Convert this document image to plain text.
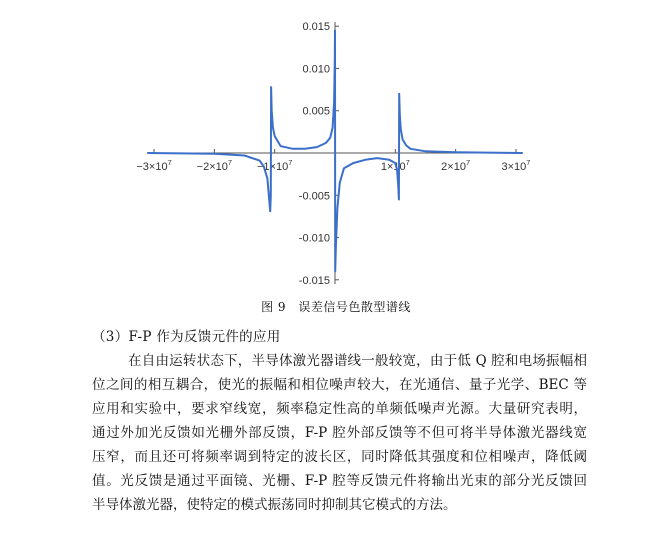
$-3\times 10^7 -2\times 10^7 -1\times 10^7$	$1\times 10^7$	$2\times 10^7$	$3\times 10^7$
0.015
0.010
0.005
-0.005
-0.010
-0.015
图 9 误差信号色散型谱线
（3）F-P 作为反馈元件的应用
在自由运转状态下，半导体激光器谱线一般较宽，由于低 Q 腔和电场振幅相
位之间的相互耦合，使光的振幅和相位噪声较大，在光通信、量子光学、BEC 等
应用和实验中，要求窄线宽，频率稳定性高的单频低噪声光源。大量研究表明，
通过外加光反馈如光栅外部反馈，F-P 腔外部反馈等不但可将半导体激光器线宽
压窄，而且还可将频率调到特定的波长区，同时降低其强度和位相噪声，降低阈
值。光反馈是通过平面镜、光栅、F-P 腔等反馈元件将输出光束的部分光反馈回
半导体激光器，使特定的模式振荡同时抑制其它模式的方法。
